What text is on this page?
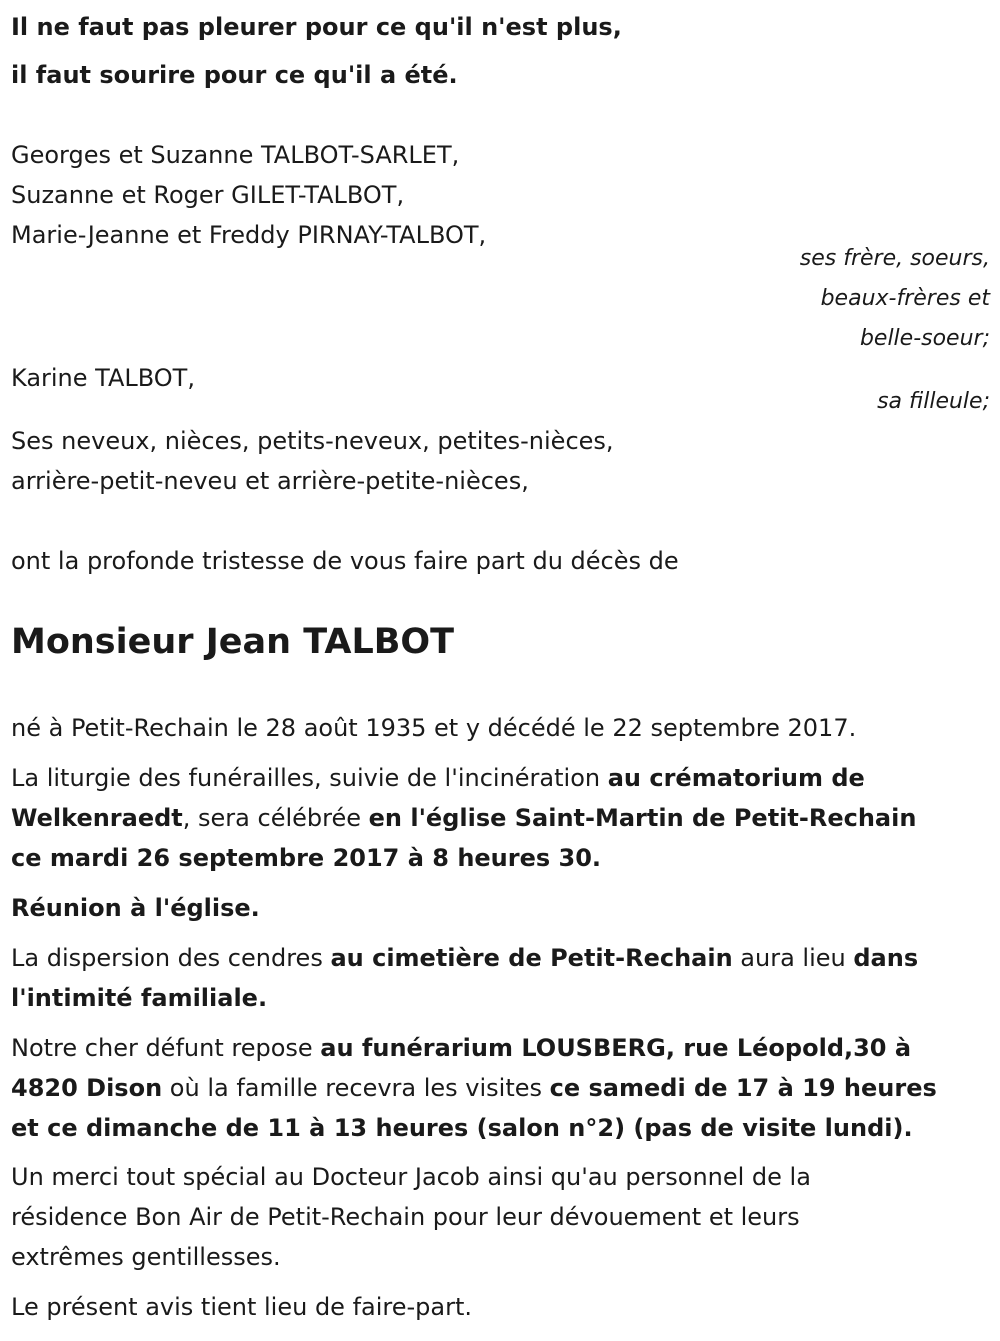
Il ne faut pas pleurer pour ce qu'il n'est plus,
il faut sourire pour ce qu'il a été.
Georges et Suzanne TALBOT-SARLET,
Suzanne et Roger GILET-TALBOT,
Marie-Jeanne et Freddy PIRNAY-TALBOT,
ses frère, soeurs,
beaux-frères et
belle-soeur;
Karine TALBOT,
sa filleule;
Ses neveux, nièces, petits-neveux, petites-nièces,
arrière-petit-neveu et arrière-petite-nièces,
ont la profonde tristesse de vous faire part du décès de
Monsieur Jean TALBOT
né à Petit-Rechain le 28 août 1935 et y décédé le 22 septembre 2017.
La liturgie des funérailles, suivie de l'incinération au crématorium de
Welkenraedt, sera célébrée en l'église Saint-Martin de Petit-Rechain
ce mardi 26 septembre 2017 à 8 heures 30.
Réunion à l'église.
La dispersion des cendres au cimetière de Petit-Rechain aura lieu dans
l'intimité familiale.
Notre cher défunt repose au funérarium LOUSBERG, rue Léopold,30 à
4820 Dison où la famille recevra les visites ce samedi de 17 à 19 heures
et ce dimanche de 11 à 13 heures (salon n°2) (pas de visite lundi).
Un merci tout spécial au Docteur Jacob ainsi qu'au personnel de la
résidence Bon Air de Petit-Rechain pour leur dévouement et leurs
extrêmes gentillesses.
Le présent avis tient lieu de faire-part.
